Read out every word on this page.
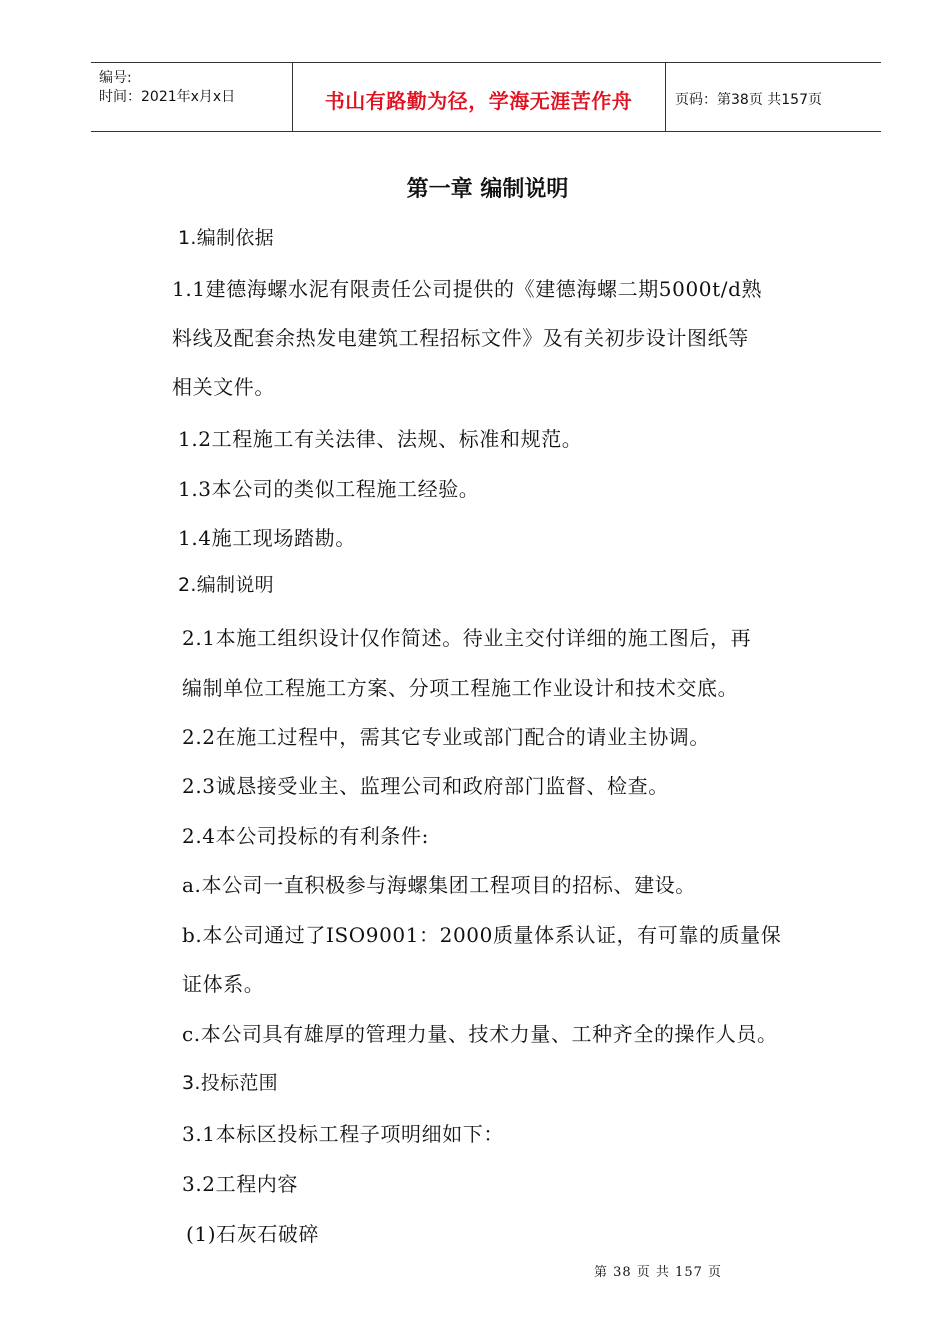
编号:
时间：2021年x月x日	书山有路勤为径，学海无涯苦作舟	页码：第38页 共157页
第一章 编制说明
1.编制依据
1.1建德海螺水泥有限责任公司提供的《建德海螺二期5000t/d熟
料线及配套余热发电建筑工程招标文件》及有关初步设计图纸等
相关文件。
1.2工程施工有关法律、法规、标准和规范。
1.3本公司的类似工程施工经验。
1.4施工现场踏勘。
2.编制说明
2.1本施工组织设计仅作简述。待业主交付详细的施工图后，再
编制单位工程施工方案、分项工程施工作业设计和技术交底。
2.2在施工过程中，需其它专业或部门配合的请业主协调。
2.3诚恳接受业主、监理公司和政府部门监督、检查。
2.4本公司投标的有利条件:
a.本公司一直积极参与海螺集团工程项目的招标、建设。
b.本公司通过了ISO9001：2000质量体系认证，有可靠的质量保
证体系。
c.本公司具有雄厚的管理力量、技术力量、工种齐全的操作人员。
3.投标范围
3.1本标区投标工程子项明细如下：
3.2工程内容
(1)石灰石破碎
第 38 页 共 157 页
